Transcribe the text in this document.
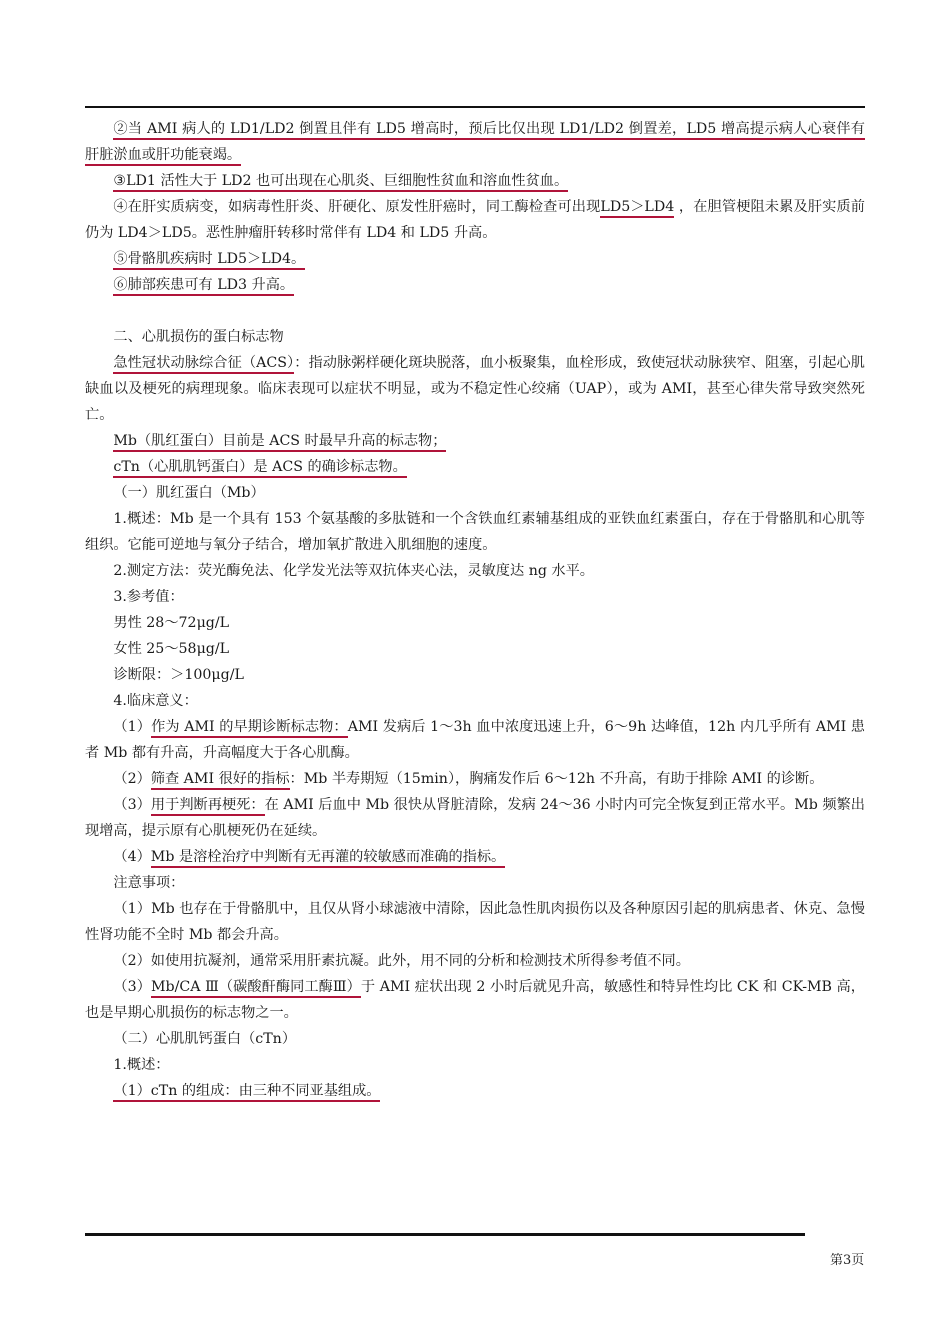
②当 AMI 病人的 LD1/LD2 倒置且伴有 LD5 增高时，预后比仅出现 LD1/LD2 倒置差，LD5 增高提示病人心衰伴有肝脏淤血或肝功能衰竭。

③LD1 活性大于 LD2 也可出现在心肌炎、巨细胞性贫血和溶血性贫血。

④在肝实质病变，如病毒性肝炎、肝硬化、原发性肝癌时，同工酶检查可出现LD5＞LD4 ，在胆管梗阻未累及肝实质前仍为 LD4＞LD5。恶性肿瘤肝转移时常伴有 LD4 和 LD5 升高。

⑤骨骼肌疾病时 LD5＞LD4。

⑥肺部疾患可有 LD3 升高。

二、心肌损伤的蛋白标志物

急性冠状动脉综合征（ACS）：指动脉粥样硬化斑块脱落，血小板聚集，血栓形成，致使冠状动脉狭窄、阻塞，引起心肌缺血以及梗死的病理现象。临床表现可以症状不明显，或为不稳定性心绞痛（UAP），或为 AMI，甚至心律失常导致突然死亡。

Mb（肌红蛋白）目前是 ACS 时最早升高的标志物；

cTn（心肌肌钙蛋白）是 ACS 的确诊标志物。

（一）肌红蛋白（Mb）

1.概述：Mb 是一个具有 153 个氨基酸的多肽链和一个含铁血红素辅基组成的亚铁血红素蛋白，存在于骨骼肌和心肌等组织。它能可逆地与氧分子结合，增加氧扩散进入肌细胞的速度。

2.测定方法：荧光酶免法、化学发光法等双抗体夹心法，灵敏度达 ng 水平。

3.参考值：

男性 28～72μg/L

女性 25～58μg/L

诊断限：＞100μg/L

4.临床意义：

（1）作为 AMI 的早期诊断标志物：AMI 发病后 1～3h 血中浓度迅速上升，6～9h 达峰值，12h 内几乎所有 AMI 患者 Mb 都有升高，升高幅度大于各心肌酶。

（2）筛查 AMI 很好的指标：Mb 半寿期短（15min），胸痛发作后 6～12h 不升高，有助于排除 AMI 的诊断。

（3）用于判断再梗死：在 AMI 后血中 Mb 很快从肾脏清除，发病 24～36 小时内可完全恢复到正常水平。Mb 频繁出现增高，提示原有心肌梗死仍在延续。

（4）Mb 是溶栓治疗中判断有无再灌的较敏感而准确的指标。

注意事项：

（1）Mb 也存在于骨骼肌中，且仅从肾小球滤液中清除，因此急性肌肉损伤以及各种原因引起的肌病患者、休克、急慢性肾功能不全时 Mb 都会升高。

（2）如使用抗凝剂，通常采用肝素抗凝。此外，用不同的分析和检测技术所得参考值不同。

（3）Mb/CA Ⅲ（碳酸酐酶同工酶Ⅲ）于 AMI 症状出现 2 小时后就见升高，敏感性和特异性均比 CK 和 CK-MB 高，也是早期心肌损伤的标志物之一。

（二）心肌肌钙蛋白（cTn）

1.概述：

（1）cTn 的组成：由三种不同亚基组成。

第3页
